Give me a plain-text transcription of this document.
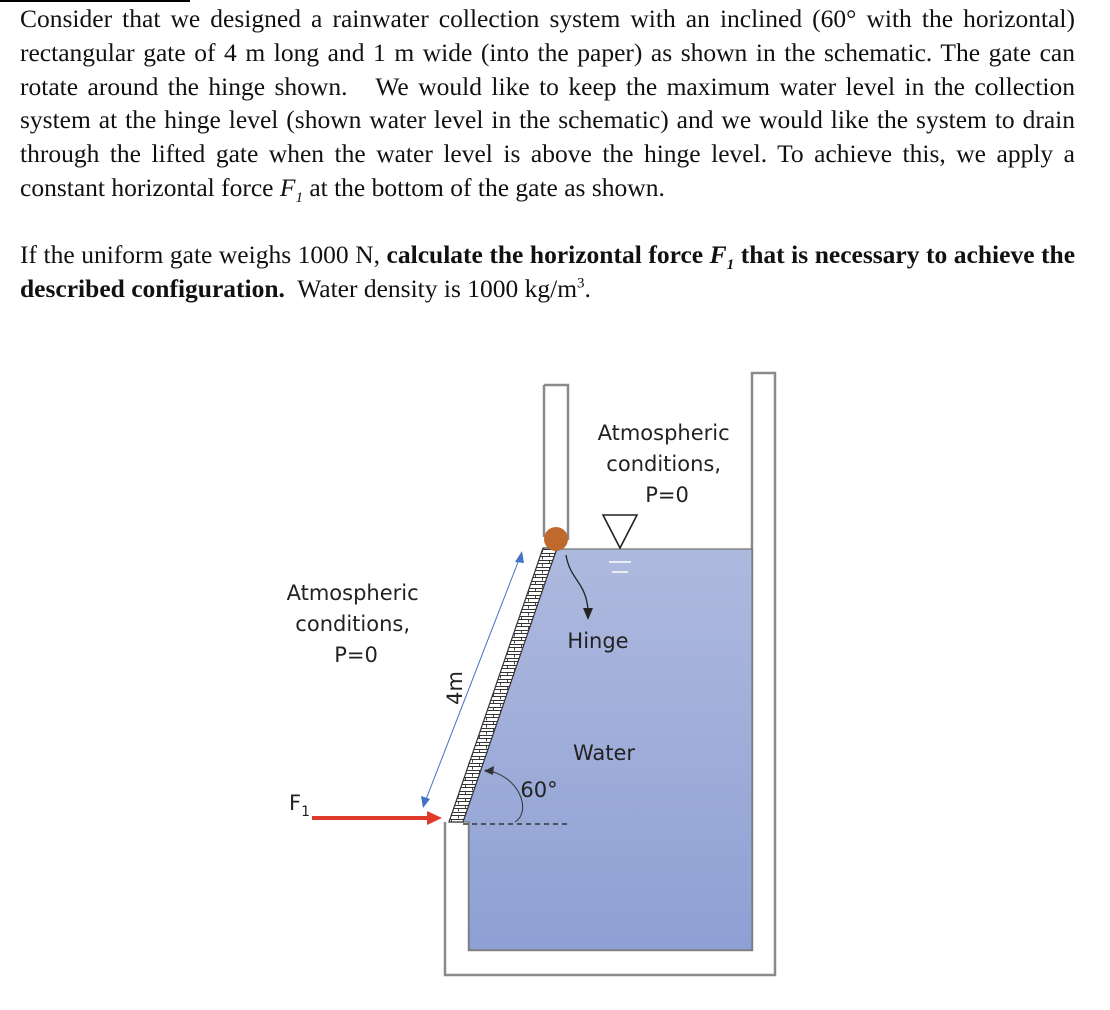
Consider that we designed a rainwater collection system with an inclined (60° with the horizontal) rectangular gate of 4 m long and 1 m wide (into the paper) as shown in the schematic. The gate can rotate around the hinge shown. We would like to keep the maximum water level in the collection system at the hinge level (shown water level in the schematic) and we would like the system to drain through the lifted gate when the water level is above the hinge level. To achieve this, we apply a constant horizontal force $F_1$ at the bottom of the gate as shown.

If the uniform gate weighs 1000 N, calculate the horizontal force $F_1$ that is necessary to achieve the described configuration. Water density is 1000 $kg/m^3$.

Atmospheric conditions, P=0
Atmospheric conditions, P=0
Hinge
Water
4m
60°
$F_1$
